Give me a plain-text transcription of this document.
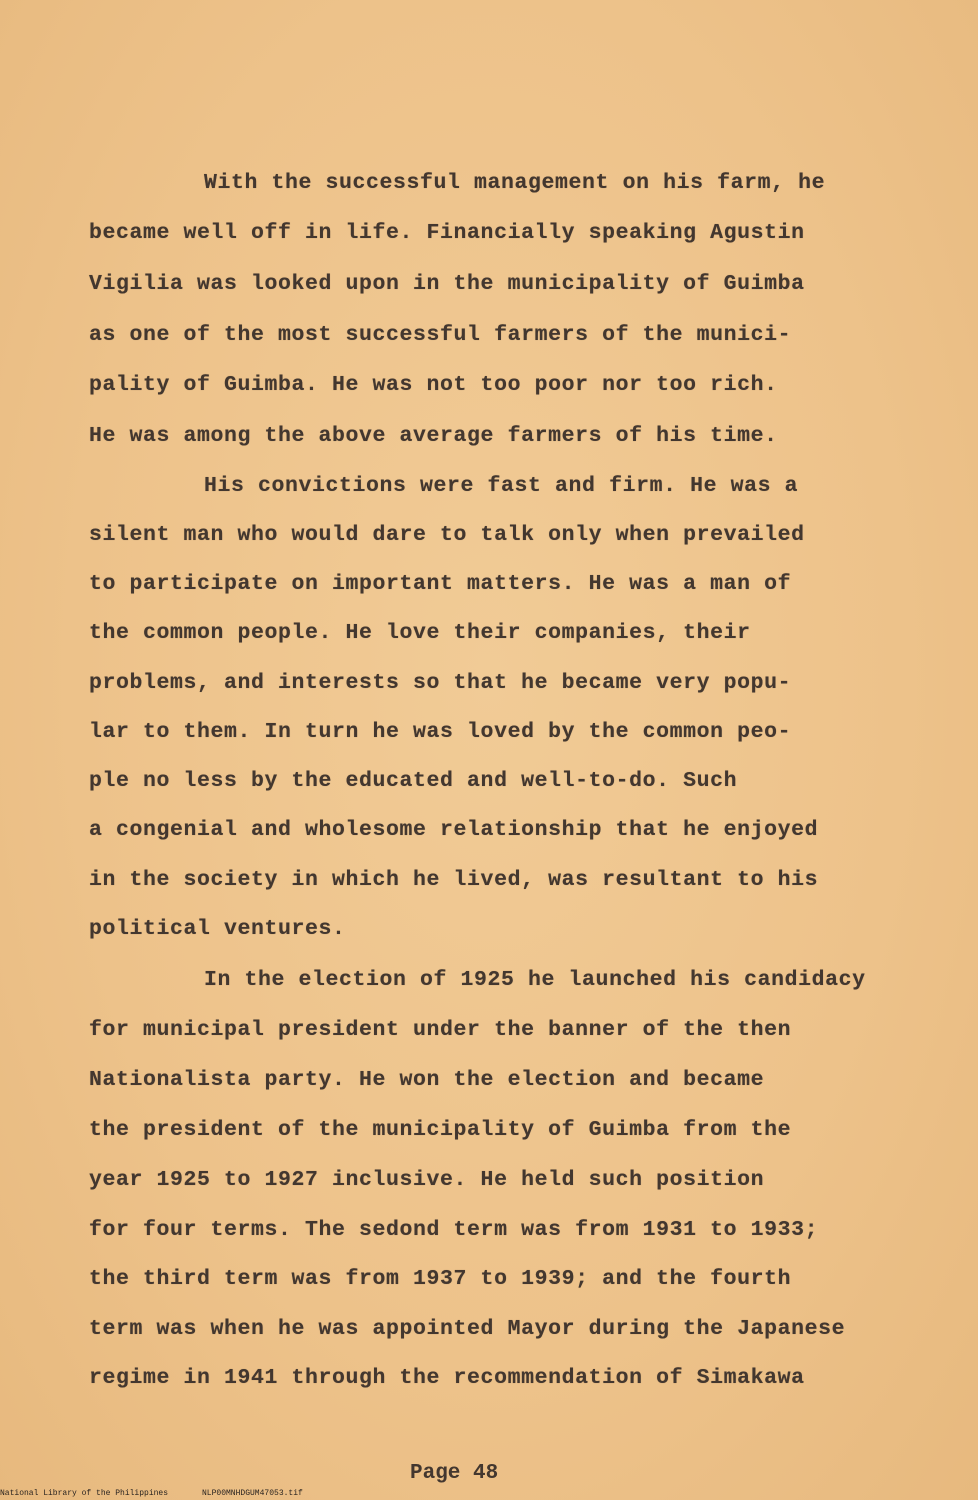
With the successful management on his farm, he

became well off in life. Financially speaking Agustin

Vigilia was looked upon in the municipality of Guimba

as one of the most successful farmers of the munici-

pality of Guimba. He was not too poor nor too rich.

He was among the above average farmers of his time.

His convictions were fast and firm. He was a

silent man who would dare to talk only when prevailed

to participate on important matters. He was a man of

the common people. He love their companies, their

problems, and interests so that he became very popu-

lar to them. In turn he was loved by the common peo-

ple no less by the educated and well-to-do. Such

a congenial and wholesome relationship that he enjoyed

in the society in which he lived, was resultant to his

political ventures.

In the election of 1925 he launched his candidacy

for municipal president under the banner of the then

Nationalista party. He won the election and became

the president of the municipality of Guimba from the

year 1925 to 1927 inclusive. He held such position

for four terms. The sedond term was from 1931 to 1933;

the third term was from 1937 to 1939; and the fourth

term was when he was appointed Mayor during the Japanese

regime in 1941 through the recommendation of Simakawa

Page 48

National Library of the Philippines	NLP00MNHDGUM47053.tif
